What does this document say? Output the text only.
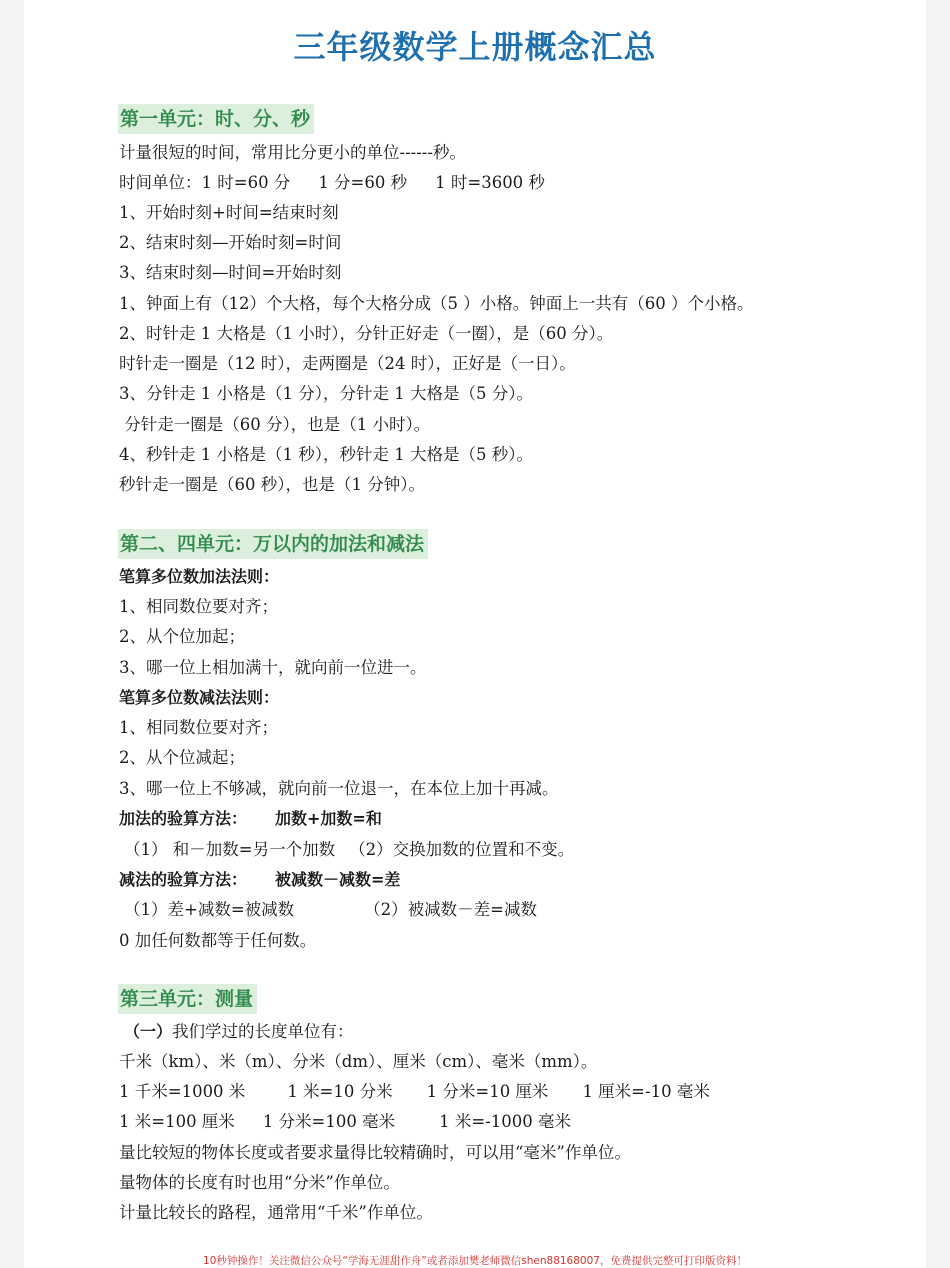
三年级数学上册概念汇总
第一单元：时、分、秒
计量很短的时间，常用比分更小的单位------秒。
时间单位：1 时=60 分 1 分=60 秒 1 时=3600 秒
1、开始时刻+时间=结束时刻
2、结束时刻—开始时刻=时间
3、结束时刻—时间=开始时刻
1、钟面上有（12）个大格，每个大格分成（5 ）小格。钟面上一共有（60 ）个小格。
2、时针走 1 大格是（1 小时），分针正好走（一圈），是（60 分）。
时针走一圈是（12 时），走两圈是（24 时），正好是（一日）。
3、分针走 1 小格是（1 分），分针走 1 大格是（5 分）。
分针走一圈是（60 分），也是（1 小时）。
4、秒针走 1 小格是（1 秒），秒针走 1 大格是（5 秒）。
秒针走一圈是（60 秒），也是（1 分钟）。
第二、四单元：万以内的加法和减法
笔算多位数加法法则：
1、相同数位要对齐；
2、从个位加起；
3、哪一位上相加满十，就向前一位进一。
笔算多位数减法法则：
1、相同数位要对齐；
2、从个位减起；
3、哪一位上不够减，就向前一位退一，在本位上加十再减。
加法的验算方法： 加数+加数=和
（1） 和－加数=另一个加数 （2）交换加数的位置和不变。
减法的验算方法： 被减数－减数=差
（1）差+减数=被减数	（2）被减数－差=减数
0 加任何数都等于任何数。
第三单元：测量
（一）我们学过的长度单位有：
千米（km）、米（m）、分米（dm）、厘米（cm）、毫米（mm）。
1 千米=1000 米	1 米=10 分米 1 分米=10 厘米 1 厘米=-10 毫米
1 米=100 厘米 1 分米=100 毫米	1 米=-1000 毫米
量比较短的物体长度或者要求量得比较精确时，可以用“毫米”作单位。
量物体的长度有时也用“分米”作单位。
计量比较长的路程，通常用“千米”作单位。
10秒钟操作！关注微信公众号“学海无涯甜作舟”或者添加樊老师微信shen88168007，免费提供完整可打印版资料！
